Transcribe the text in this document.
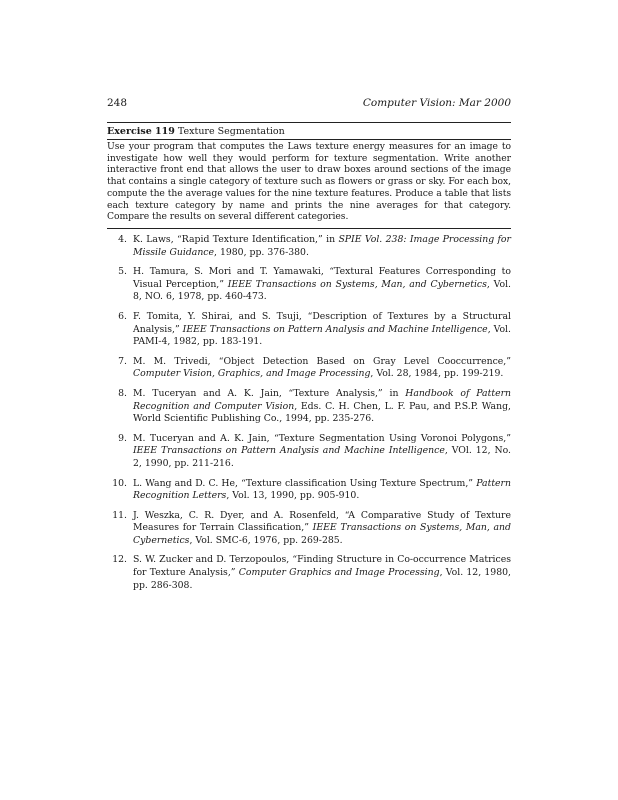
248	Computer Vision: Mar 2000
Exercise 119 Texture Segmentation
Use your program that computes the Laws texture energy measures for an image to investigate how well they would perform for texture segmentation. Write another interactive front end that allows the user to draw boxes around sections of the image that contains a single category of texture such as flowers or grass or sky. For each box, compute the the average values for the nine texture features. Produce a table that lists each texture category by name and prints the nine averages for that category. Compare the results on several different categories.
4. K. Laws, “Rapid Texture Identification,” in SPIE Vol. 238: Image Processing for Missile Guidance, 1980, pp. 376-380.
5. H. Tamura, S. Mori and T. Yamawaki, “Textural Features Corresponding to Visual Perception,” IEEE Transactions on Systems, Man, and Cybernetics, Vol. 8, NO. 6, 1978, pp. 460-473.
6. F. Tomita, Y. Shirai, and S. Tsuji, “Description of Textures by a Structural Analysis,” IEEE Transactions on Pattern Analysis and Machine Intelligence, Vol. PAMI-4, 1982, pp. 183-191.
7. M. M. Trivedi, “Object Detection Based on Gray Level Cooccurrence,” Computer Vision, Graphics, and Image Processing, Vol. 28, 1984, pp. 199-219.
8. M. Tuceryan and A. K. Jain, “Texture Analysis,” in Handbook of Pattern Recognition and Computer Vision, Eds. C. H. Chen, L. F. Pau, and P.S.P. Wang, World Scientific Publishing Co., 1994, pp. 235-276.
9. M. Tuceryan and A. K. Jain, “Texture Segmentation Using Voronoi Polygons,” IEEE Transactions on Pattern Analysis and Machine Intelligence, VOl. 12, No. 2, 1990, pp. 211-216.
10. L. Wang and D. C. He, “Texture classification Using Texture Spectrum,” Pattern Recognition Letters, Vol. 13, 1990, pp. 905-910.
11. J. Weszka, C. R. Dyer, and A. Rosenfeld, “A Comparative Study of Texture Measures for Terrain Classification,” IEEE Transactions on Systems, Man, and Cybernetics, Vol. SMC-6, 1976, pp. 269-285.
12. S. W. Zucker and D. Terzopoulos, “Finding Structure in Co-occurrence Matrices for Texture Analysis,” Computer Graphics and Image Processing, Vol. 12, 1980, pp. 286-308.
